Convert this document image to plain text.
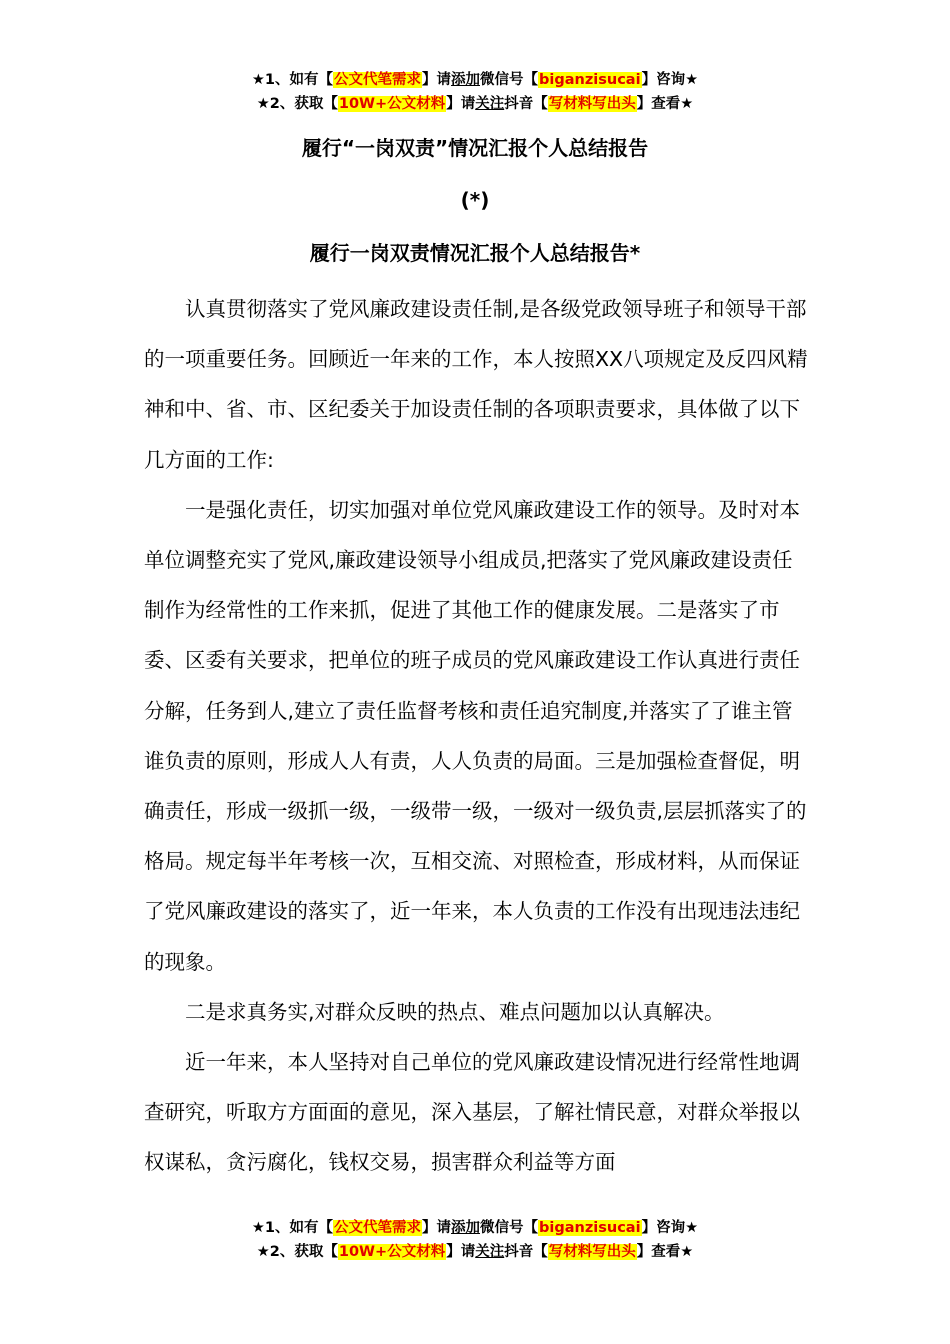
★1、如有【公文代笔需求】请添加微信号【biganzisucai】咨询★
★2、获取【10W+公文材料】请关注抖音【写材料写出头】查看★
履行“一岗双责”情况汇报个人总结报告
(*)
履行一岗双责情况汇报个人总结报告*

认真贯彻落实了党风廉政建设责任制,是各级党政领导班子和领导干部的一项重要任务。回顾近一年来的工作，本人按照XX八项规定及反四风精神和中、省、市、区纪委关于加设责任制的各项职责要求，具体做了以下几方面的工作:

一是强化责任，切实加强对单位党风廉政建设工作的领导。及时对本单位调整充实了党风,廉政建设领导小组成员,把落实了党风廉政建设责任制作为经常性的工作来抓，促进了其他工作的健康发展。二是落实了市委、区委有关要求，把单位的班子成员的党风廉政建设工作认真进行责任分解，任务到人,建立了责任监督考核和责任追究制度,并落实了了谁主管谁负责的原则，形成人人有责，人人负责的局面。三是加强检查督促，明确责任，形成一级抓一级，一级带一级，一级对一级负责,层层抓落实了的格局。规定每半年考核一次，互相交流、对照检查，形成材料，从而保证了党风廉政建设的落实了，近一年来，本人负责的工作没有出现违法违纪的现象。

二是求真务实,对群众反映的热点、难点问题加以认真解决。

近一年来，本人坚持对自己单位的党风廉政建设情况进行经常性地调查研究，听取方方面面的意见，深入基层，了解社情民意，对群众举报以权谋私，贪污腐化，钱权交易，损害群众利益等方面

★1、如有【公文代笔需求】请添加微信号【biganzisucai】咨询★
★2、获取【10W+公文材料】请关注抖音【写材料写出头】查看★
